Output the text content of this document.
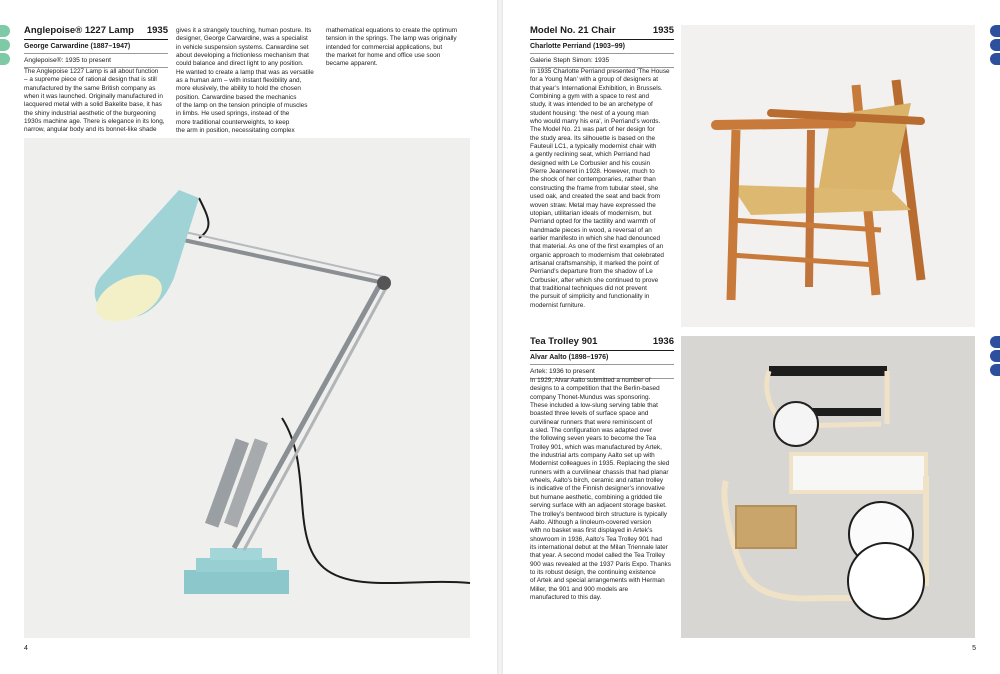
Anglepoise® 1227 Lamp 1935
George Carwardine (1887–1947)
Anglepoise®: 1935 to present
The Anglepoise 1227 Lamp is all about function
– a supreme piece of rational design that is still
manufactured by the same British company as
when it was launched. Originally manufactured in
lacquered metal with a solid Bakelite base, it has
the shiny industrial aesthetic of the burgeoning
1930s machine age. There is elegance in its long,
narrow, angular body and its bonnet-like shade
gives it a strangely touching, human posture. Its
designer, George Carwardine, was a specialist
in vehicle suspension systems. Carwardine set
about developing a frictionless mechanism that
could balance and direct light to any position.
He wanted to create a lamp that was as versatile
as a human arm – with instant flexibility and,
more elusively, the ability to hold the chosen
position. Carwardine based the mechanics
of the lamp on the tension principle of muscles
in limbs. He used springs, instead of the
more traditional counterweights, to keep
the arm in position, necessitating complex
mathematical equations to create the optimum
tension in the springs. The lamp was originally
intended for commercial applications, but
the market for home and office use soon
became apparent.
4	5
Model No. 21 Chair	1935
Charlotte Perriand (1903–99)
Galerie Steph Simon: 1935
In 1935 Charlotte Perriand presented ‘The House
for a Young Man’ with a group of designers at
that year’s International Exhibition, in Brussels.
Combining a gym with a space to rest and
study, it was intended to be an archetype of
student housing: ‘the nest of a young man
who would marry his era’, in Perriand’s words.
The Model No. 21 was part of her design for
the study area. Its silhouette is based on the
Fauteuil LC1, a typically modernist chair with
a gently reclining seat, which Perriand had
designed with Le Corbusier and his cousin
Pierre Jeanneret in 1928. However, much to
the shock of her contemporaries, rather than
constructing the frame from tubular steel, she
used oak, and created the seat and back from
woven straw. Metal may have expressed the
utopian, utilitarian ideals of modernism, but
Perriand opted for the tactility and warmth of
handmade pieces in wood, a reversal of an
earlier manifesto in which she had denounced
that material. As one of the first examples of an
organic approach to modernism that celebrated
artisanal craftsmanship, it marked the point of
Perriand’s departure from the shadow of Le
Corbusier, after which she continued to prove
that traditional techniques did not prevent
the pursuit of simplicity and functionality in
modernist furniture.
Tea Trolley 901	1936
Alvar Aalto (1898–1976)
Artek: 1936 to present
In 1929, Alvar Aalto submitted a number of
designs to a competition that the Berlin-based
company Thonet-Mundus was sponsoring.
These included a low-slung serving table that
boasted three levels of surface space and
curvilinear runners that were reminiscent of
a sled. The configuration was adapted over
the following seven years to become the Tea
Trolley 901, which was manufactured by Artek,
the industrial arts company Aalto set up with
Modernist colleagues in 1935. Replacing the sled
runners with a curvilinear chassis that had planar
wheels, Aalto’s birch, ceramic and rattan trolley
is indicative of the Finnish designer’s innovative
but humane aesthetic, combining a gridded tile
serving surface with an adjacent storage basket.
The trolley’s bentwood birch structure is typically
Aalto. Although a linoleum-covered version
with no basket was first displayed in Artek’s
showroom in 1936, Aalto’s Tea Trolley 901 had
its international debut at the Milan Triennale later
that year. A second model called the Tea Trolley
900 was revealed at the 1937 Paris Expo. Thanks
to its robust design, the continuing existence
of Artek and special arrangements with Herman
Miller, the 901 and 900 models are
manufactured to this day.
